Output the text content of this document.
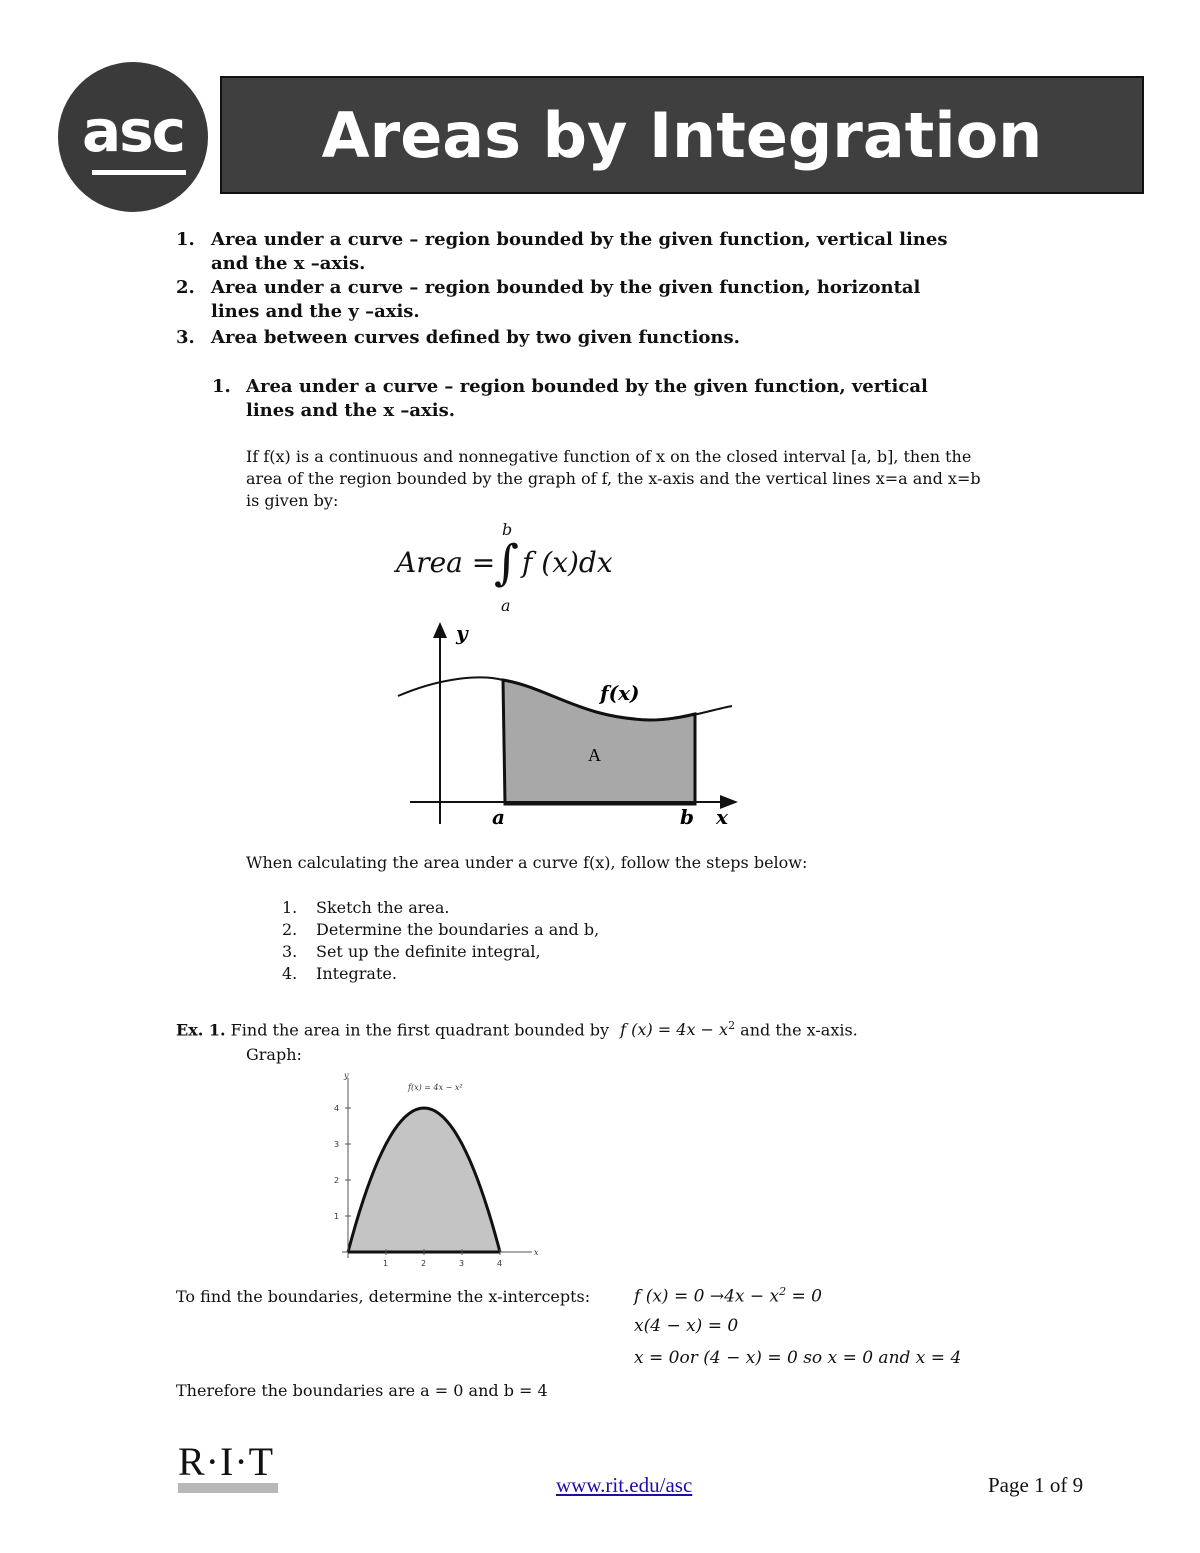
asc Areas by Integration
1. Area under a curve – region bounded by the given function, vertical lines
and the x –axis.
2. Area under a curve – region bounded by the given function, horizontal
lines and the y –axis.
3. Area between curves defined by two given functions.
1. Area under a curve – region bounded by the given function, vertical
lines and the x –axis.
If f(x) is a continuous and nonnegative function of x on the closed interval [a, b], then the
area of the region bounded by the graph of f, the x-axis and the vertical lines x=a and x=b
is given by:
Area =
b
∫
a
f (x)dx
y
f(x)
A
a	b x
When calculating the area under a curve f(x), follow the steps below:
1. Sketch the area.
2. Determine the boundaries a and b,
3. Set up the definite integral,
4. Integrate.
Ex. 1. Find the area in the first quadrant bounded by f $(x) = 4x - x^2$ and the x-axis.
Graph:
1	2	3	4
1
2
3
4
x
y
f(x) = 4x − x²
To find the boundaries, determine the x-intercepts:	f $(x) = 0 \to 4x - x^2 = 0$
x(4 − x) = 0
x = 0or (4 − x) = 0 so x = 0 and x = 4
Therefore the boundaries are a = 0 and b = 4
R·I·T
www.rit.edu/asc	Page 1 of 9
